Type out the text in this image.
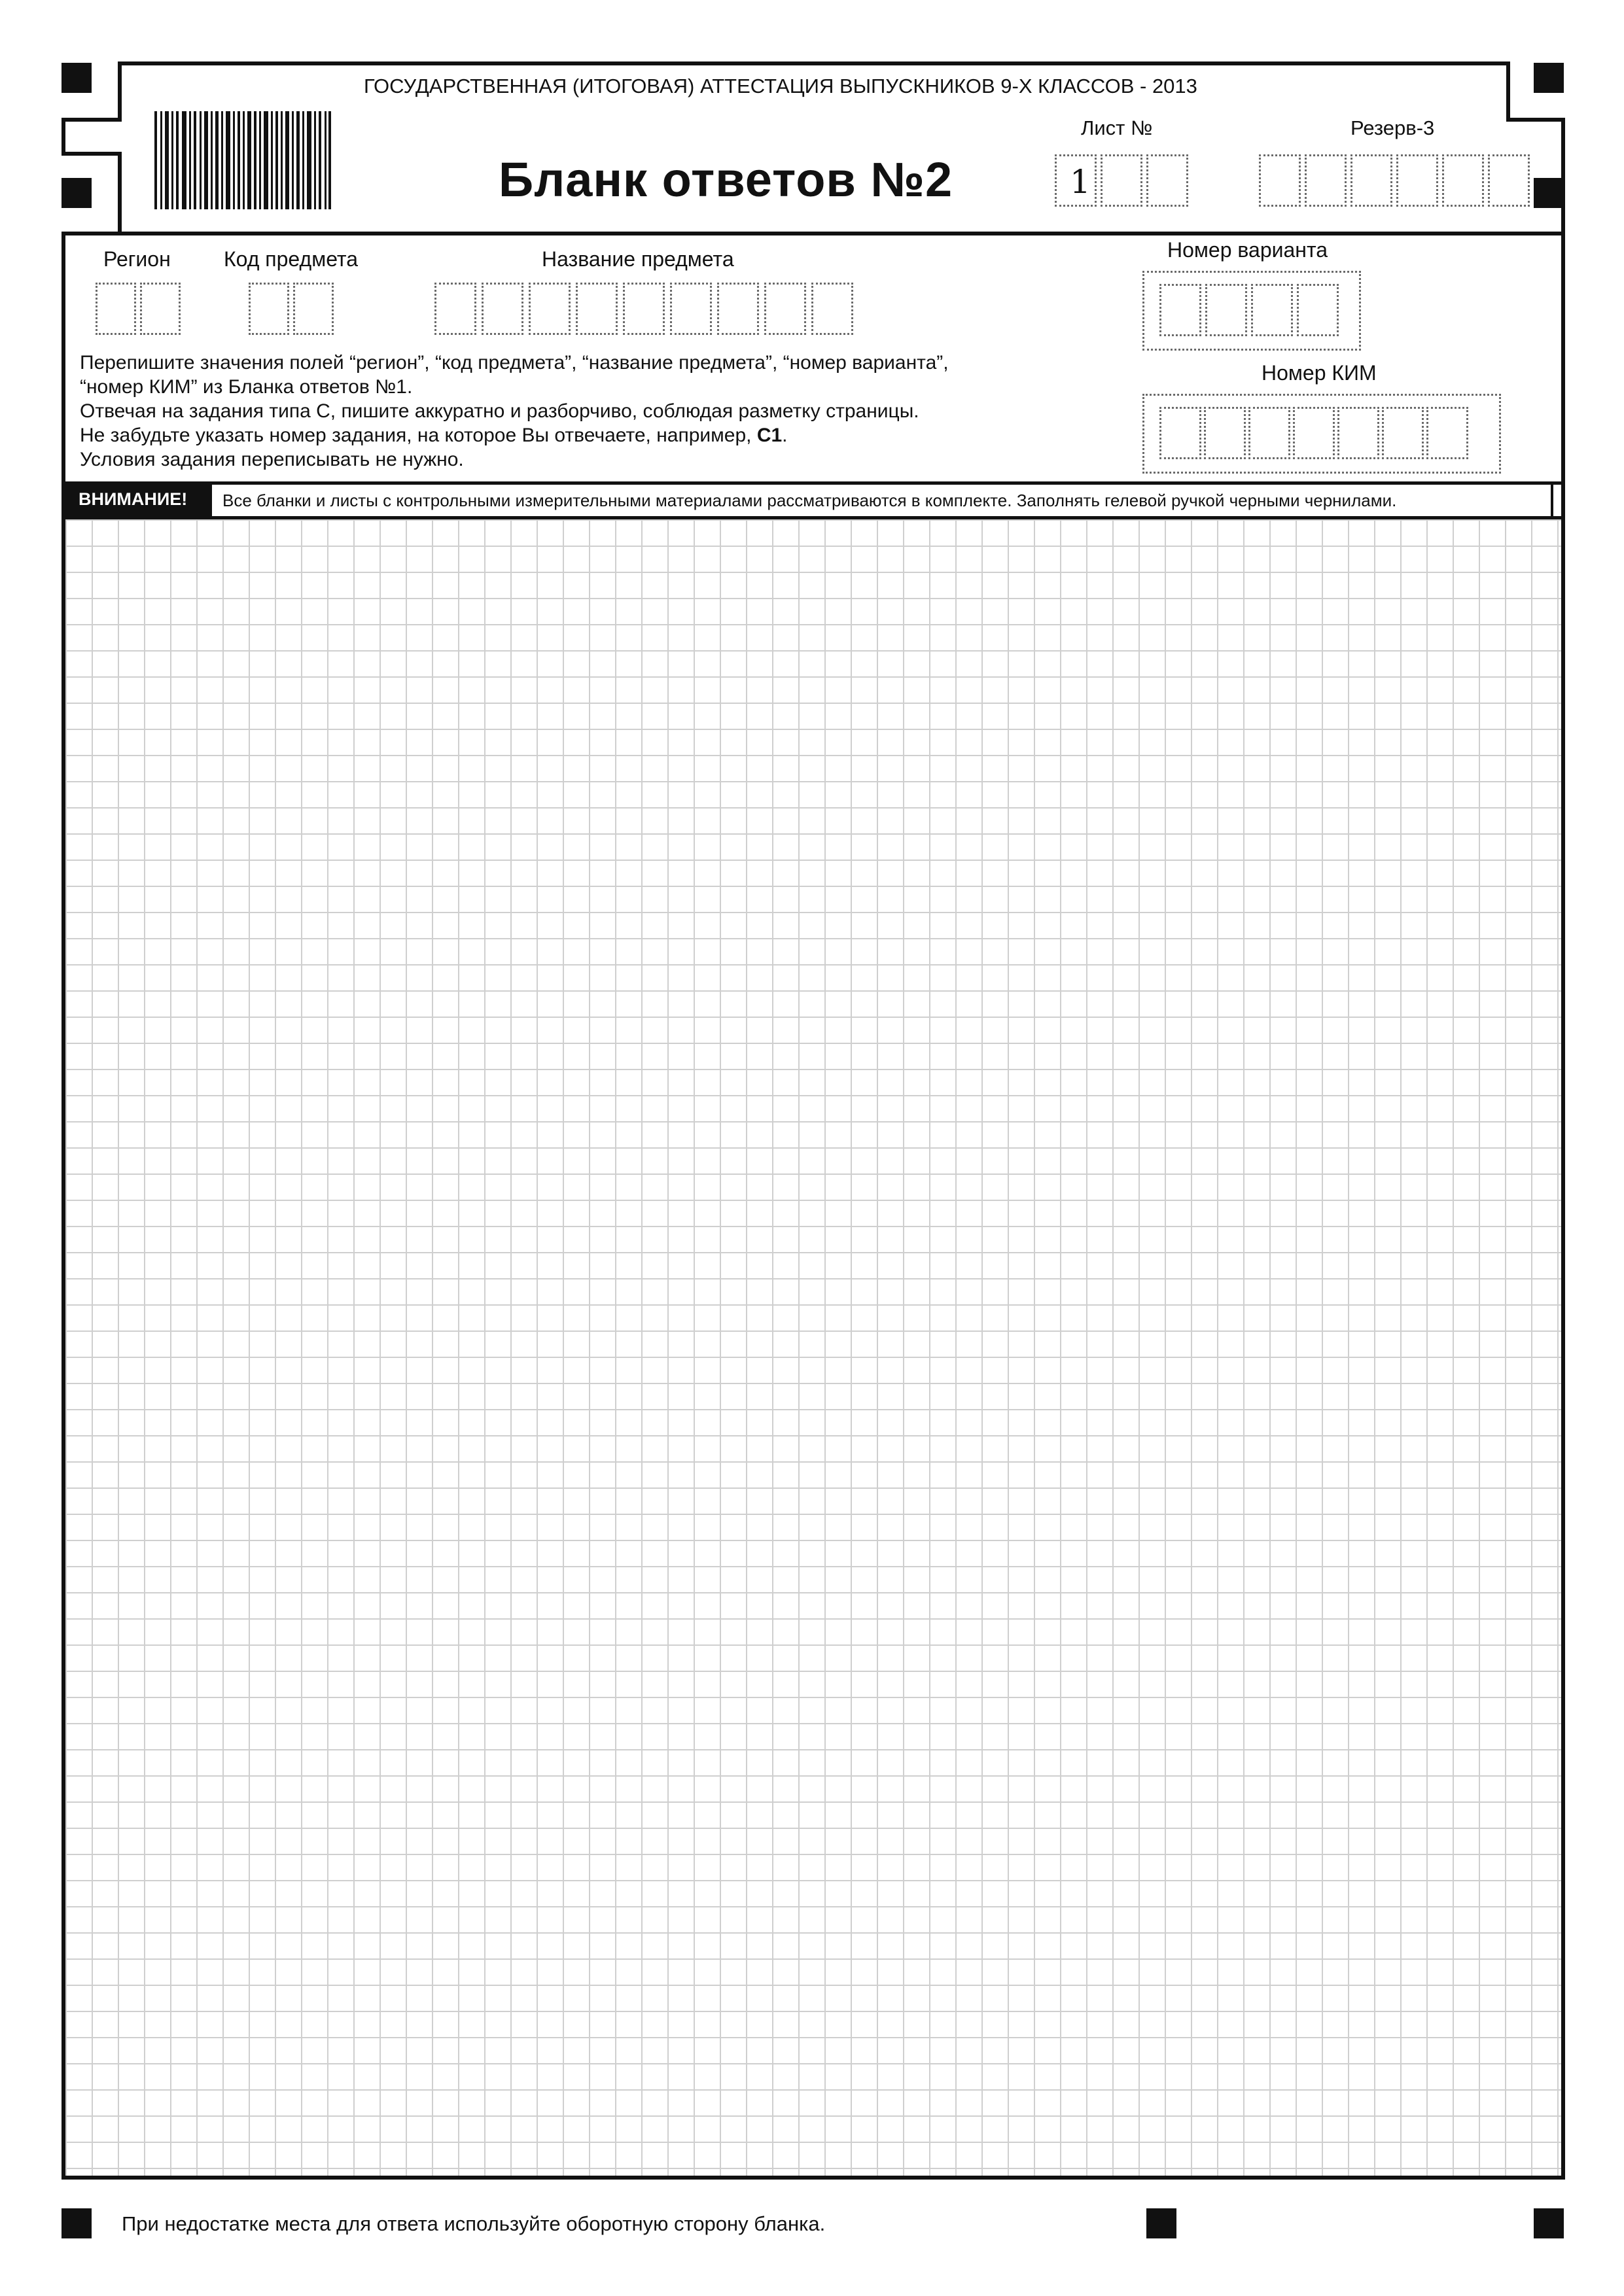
ГОСУДАРСТВЕННАЯ (ИТОГОВАЯ) АТТЕСТАЦИЯ ВЫПУСКНИКОВ 9-Х КЛАССОВ - 2013
Бланк ответов №2
Лист №	Резерв-3
1
Регион	Код предмета	Название предмета	Номер варианта
Номер КИМ
Перепишите значения полей “регион”, “код предмета”, “название предмета”, “номер варианта”,
“номер КИМ” из Бланка ответов №1.
Отвечая на задания типа С, пишите аккуратно и разборчиво, соблюдая разметку страницы.
Не забудьте указать номер задания, на которое Вы отвечаете, например, С1.
Условия задания переписывать не нужно.
ВНИМАНИЕ! Все бланки и листы с контрольными измерительными материалами рассматриваются в комплекте. Заполнять гелевой ручкой черными чернилами.
При недостатке места для ответа используйте оборотную сторону бланка.
